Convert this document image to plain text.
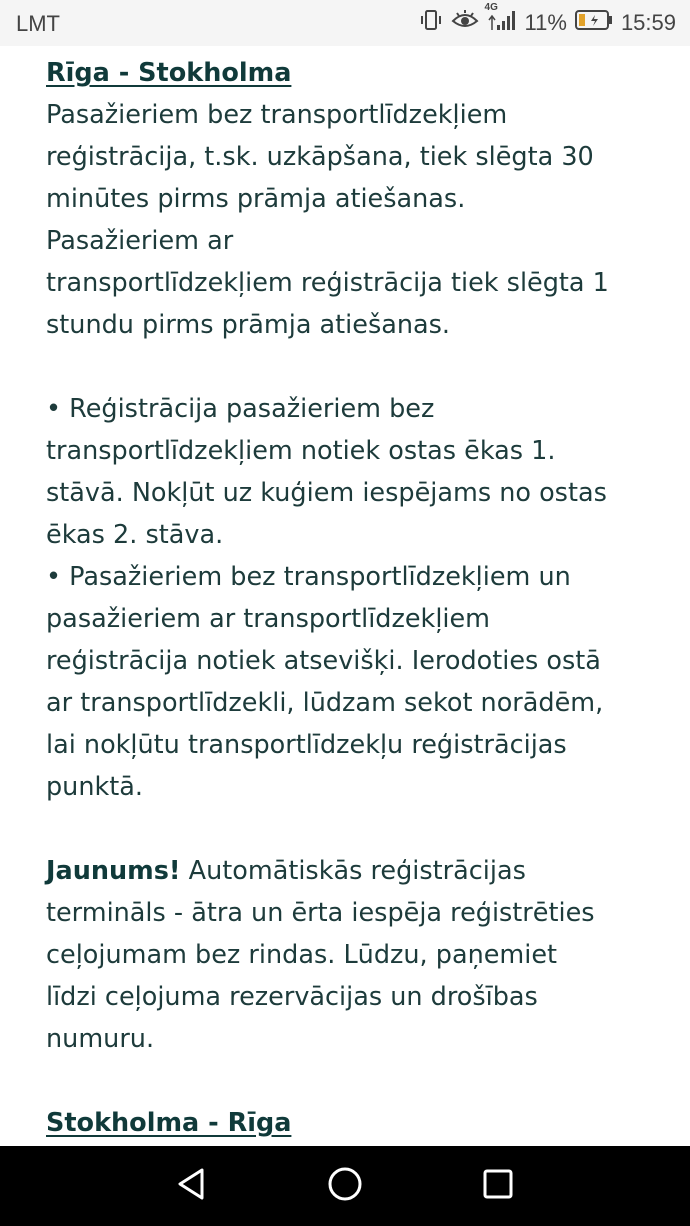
LMT
4G
11% 15:59

Rīga - Stokholma

Pasažieriem bez transportlīdzekļiem

reģistrācija, t.sk. uzkāpšana, tiek slēgta 30

minūtes pirms prāmja atiešanas.

Pasažieriem ar

transportlīdzekļiem reģistrācija tiek slēgta 1

stundu pirms prāmja atiešanas.

• Reģistrācija pasažieriem bez

transportlīdzekļiem notiek ostas ēkas 1.

stāvā. Nokļūt uz kuģiem iespējams no ostas

ēkas 2. stāva.

• Pasažieriem bez transportlīdzekļiem un

pasažieriem ar transportlīdzekļiem

reģistrācija notiek atsevišķi. Ierodoties ostā

ar transportlīdzekli, lūdzam sekot norādēm,

lai nokļūtu transportlīdzekļu reģistrācijas

punktā.

Jaunums! Automātiskās reģistrācijas

termināls - ātra un ērta iespēja reģistrēties

ceļojumam bez rindas. Lūdzu, paņemiet

līdzi ceļojuma rezervācijas un drošības

numuru.

Stokholma - Rīga
